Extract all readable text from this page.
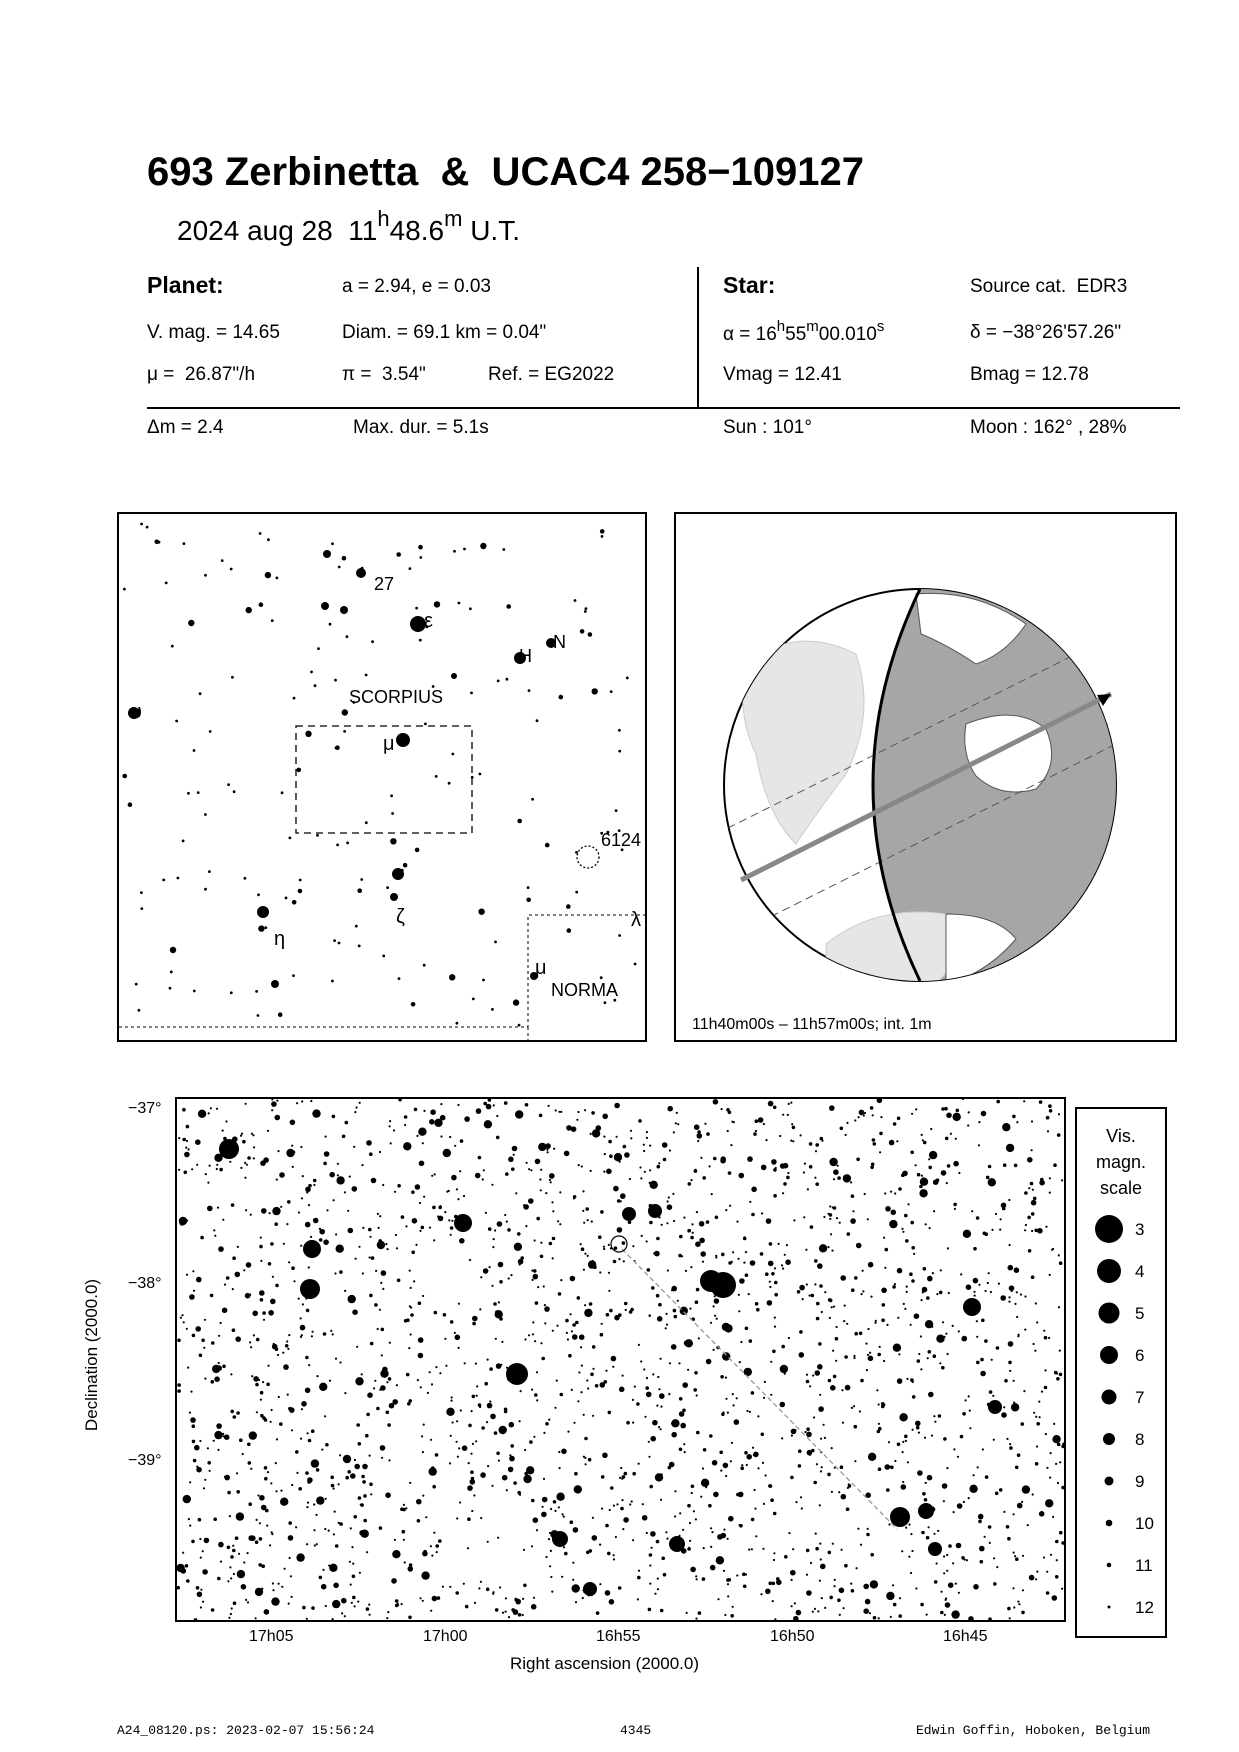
693 Zerbinetta  &  UCAC4 258−109127
2024 aug 28  11$^h$48.6$^m$ U.T.
Planet:	a = 2.94, e = 0.03
V. mag. = 14.65	Diam. = 69.1 km = 0.04"
μ =  26.87"/h	π =  3.54"	Ref. = EG2022
Δm = 2.4	Max. dur. = 5.1s
Star:	Source cat.  EDR3
$\alpha = 16^h55^m00.010^s$	δ = −38°26'57.26"
Vmag = 12.41	Bmag = 12.78
Sun : 101°	Moon : 162° , 28%
27
ε
H
N
SCORPIUS
υ
μ
6124
ζ	λ
η
μ
NORMA
11h40m00s – 11h57m00s; int. 1m
−37°
−38°
−39°
17h05	17h00	16h55	16h50	16h45
Right ascension (2000.0)
Declination (2000.0)
Vis.
magn.
scale
3
4
5
6
7
8
9
10
11
12
A24_08120.ps: 2023-02-07 15:56:24	4345	Edwin Goffin, Hoboken, Belgium
